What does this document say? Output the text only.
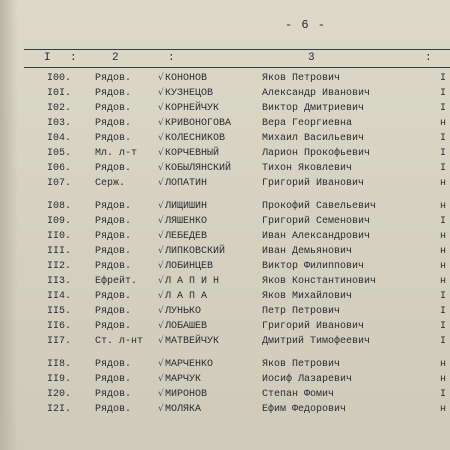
- 6 -
I :	2	:	3	:
I00. Рядов.	√ КОНОНОВ	Яков Петрович	I
I0I. Рядов.	√ КУЗНЕЦОВ	Александр Иванович	I
I02. Рядов.	√ КОРНЕЙЧУК	Виктор Дмитриевич	I
I03. Рядов.	√ КРИВОНОГОВА	Вера Георгиевна	н
I04. Рядов.	√ КОЛЕСНИКОВ	Михаил Васильевич	I
I05. Мл. л-т √ КОРЧЕВНЫЙ	Ларион Прокофьевич	I
I06. Рядов.	√ КОБЫЛЯНСКИЙ	Тихон Яковлевич	I
I07. Серж.	√ ЛОПАТИН	Григорий Иванович	н
I08. Рядов.	√ ЛИЩИШИН	Прокофий Савельевич	н
I09. Рядов.	√ ЛЯШЕНКО	Григорий Семенович	I
II0. Рядов.	√ ЛЕБЕДЕВ	Иван Александрович	н
III. Рядов.	√ ЛИПКОВСКИЙ	Иван Демьянович	н
II2. Рядов.	√ ЛОБИНЦЕВ	Виктор Филиппович	н
II3. Ефрейт. √ Л А П И Н	Яков Константинович	н
II4. Рядов.	√ Л А П А	Яков Михайлович	I
II5. Рядов.	√ ЛУНЬКО	Петр Петрович	I
II6. Рядов.	√ ЛОБАШЕВ	Григорий Иванович	I
II7. Ст. л-нт √ МАТВЕЙЧУК	Дмитрий Тимофеевич	I
II8. Рядов.	√ МАРЧЕНКО	Яков Петрович	н
II9. Рядов.	√ МАРЧУК	Иосиф Лазаревич	н
I20. Рядов.	√ МИРОНОВ	Степан Фомич	I
I2I. Рядов.	√ МОЛЯКА	Ефим Федорович	н
